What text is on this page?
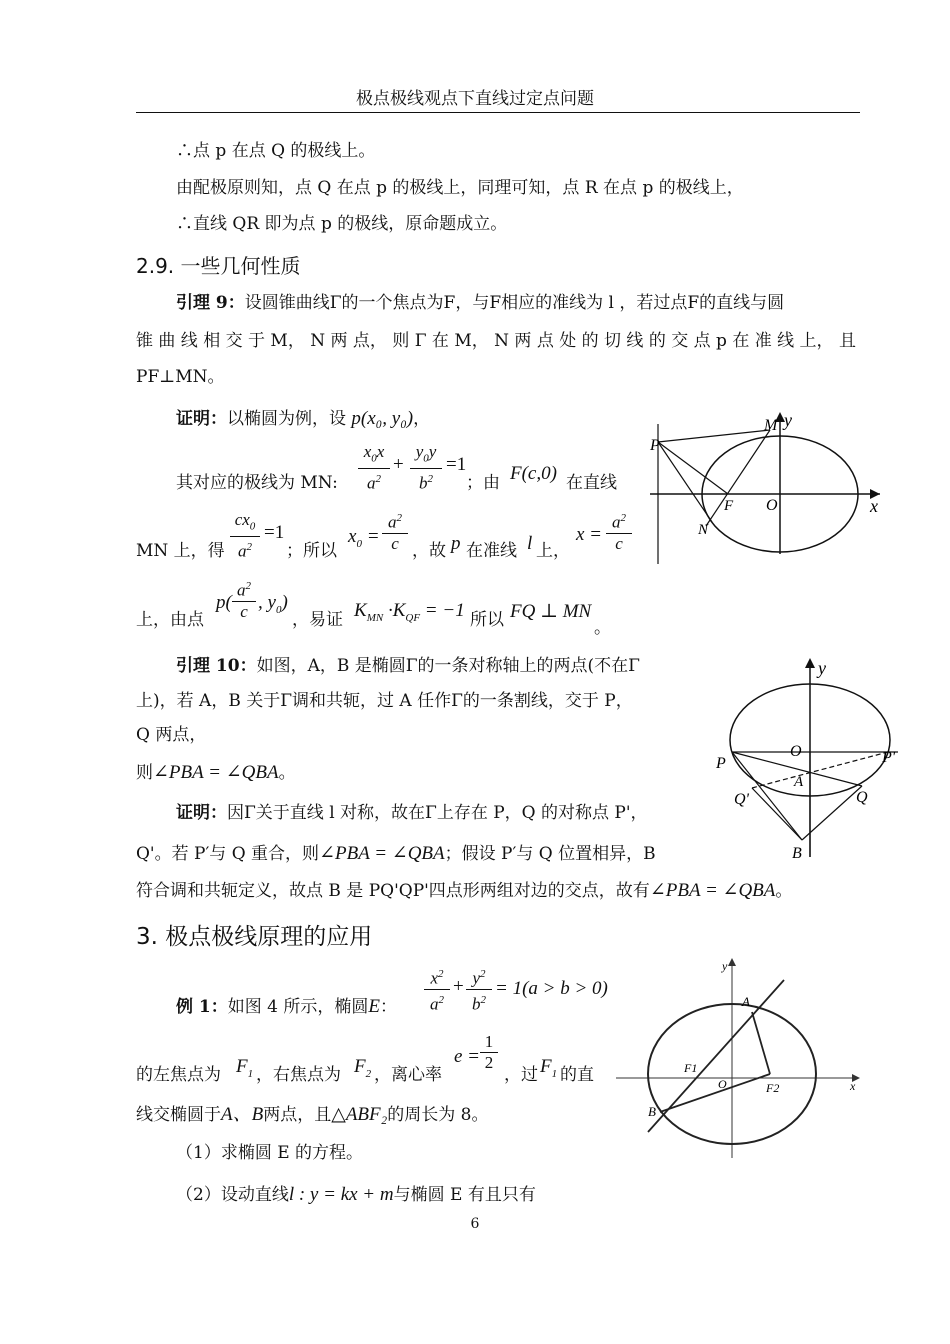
极点极线观点下直线过定点问题
∴点 p 在点 Q 的极线上。
由配极原则知，点 Q 在点 p 的极线上，同理可知，点 R 在点 p 的极线上，
∴直线 QR 即为点 p 的极线，原命题成立。
2.9. 一些几何性质
引理 9：设圆锥曲线Γ的一个焦点为F，与F相应的准线为 l ，若过点F的直线与圆
锥 曲 线 相 交 于 M， N 两 点， 则 Γ 在 M， N 两 点 处 的 切 线 的 交 点 p 在 准 线 上， 且
PF⊥MN。
证明：以椭圆为例，设 p(x₀, y₀)，
其对应的极线为 MN: $\frac{x_0x}{a^2} + \frac{y_0y}{b^2} =1$
；由 F(c,0) 在直线
MN 上，得 $\frac{cx_0}{a^2} =1$
；所以
$x_0 = \frac{a^2}{c}$ ，故 p 在准线 l 上，
$x = \frac{a^2}{c}$
上，由点
$p( \frac{a^2}{c}$ , $y_0$)
，易证 $K_{MN} \cdot K_{QF} = -1$ 所以 FQ ⊥ MN
。
P
M y
F O	x
N
引理 10：如图，A，B 是椭圆Γ的一条对称轴上的两点(不在Γ
上)，若 A，B 关于Γ调和共轭，过 A 任作Γ的一条割线，交于 P，
Q 两点，
则∠PBA = ∠QBA。
证明：因Γ关于直线 l 对称，故在Γ上存在 P，Q 的对称点 P'，
Q'。若 P′与 Q 重合，则∠PBA = ∠QBA；假设 P′与 Q 位置相异，B
符合调和共轭定义，故点 B 是 PQ'QP'四点形两组对边的交点，故有∠PBA = ∠QBA。
y
O
P	P'
A
Q'	Q
B
3. 极点极线原理的应用
例 1：如图 4 所示，椭圆E： $\frac{x^2}{a^2} + \frac{y^2}{b^2} = 1(a > b > 0)$
的左焦点为 $F_1$ ，右焦点为 $F_2$ ，离心率
$e = \frac{1}{2}$
，过 $F_1$ 的直
线交椭圆于A、B两点，且△ABF₂的周长为 8。
（1）求椭圆 E 的方程。
（2）设动直线l : y = kx + m与椭圆 E 有且只有
y
A
F1
O	F2	x
B
6
